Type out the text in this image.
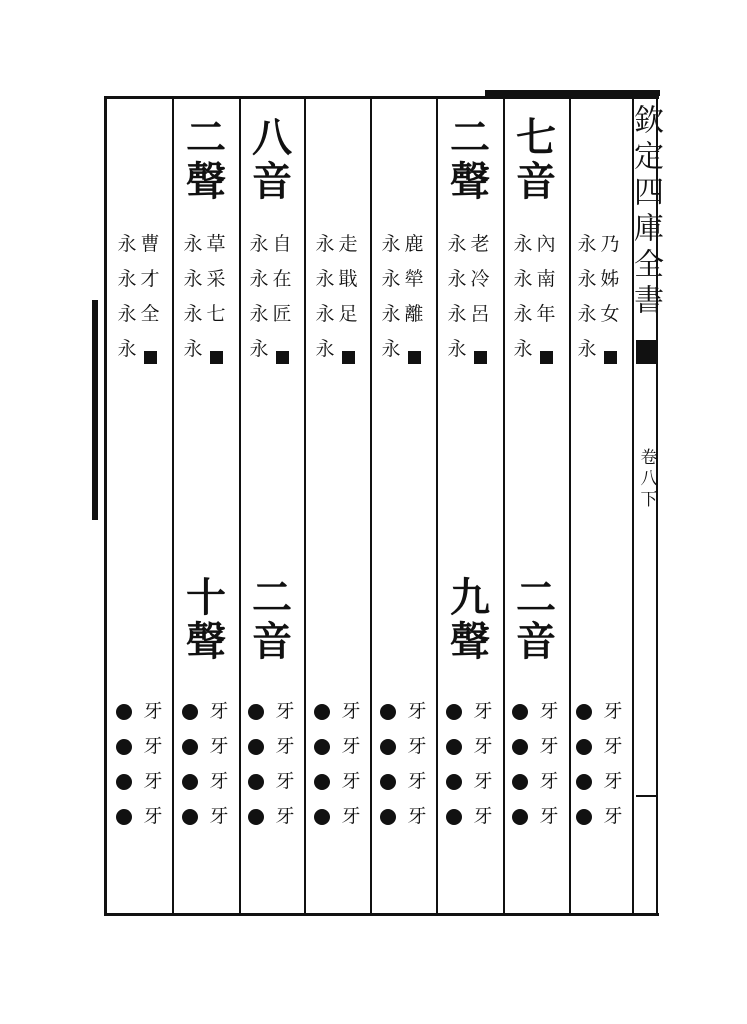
欽定四庫全書
卷八下
乃
姊
女
永
永
永
永
牙
牙
牙
牙
七
音
內
南
年
永
永
永
永
二
音
牙
牙
牙
牙
二
聲
老
冷
呂
永
永
永
永
九
聲
牙
牙
牙
牙
鹿
犖
離
永
永
永
永
牙
牙
牙
牙
走
戢
足
永
永
永
永
牙
牙
牙
牙
八
音
自
在
匠
永
永
永
永
二
音
牙
牙
牙
牙
二
聲
草
采
七
永
永
永
永
十
聲
牙
牙
牙
牙
曹
才
全
永
永
永
永
牙
牙
牙
牙
